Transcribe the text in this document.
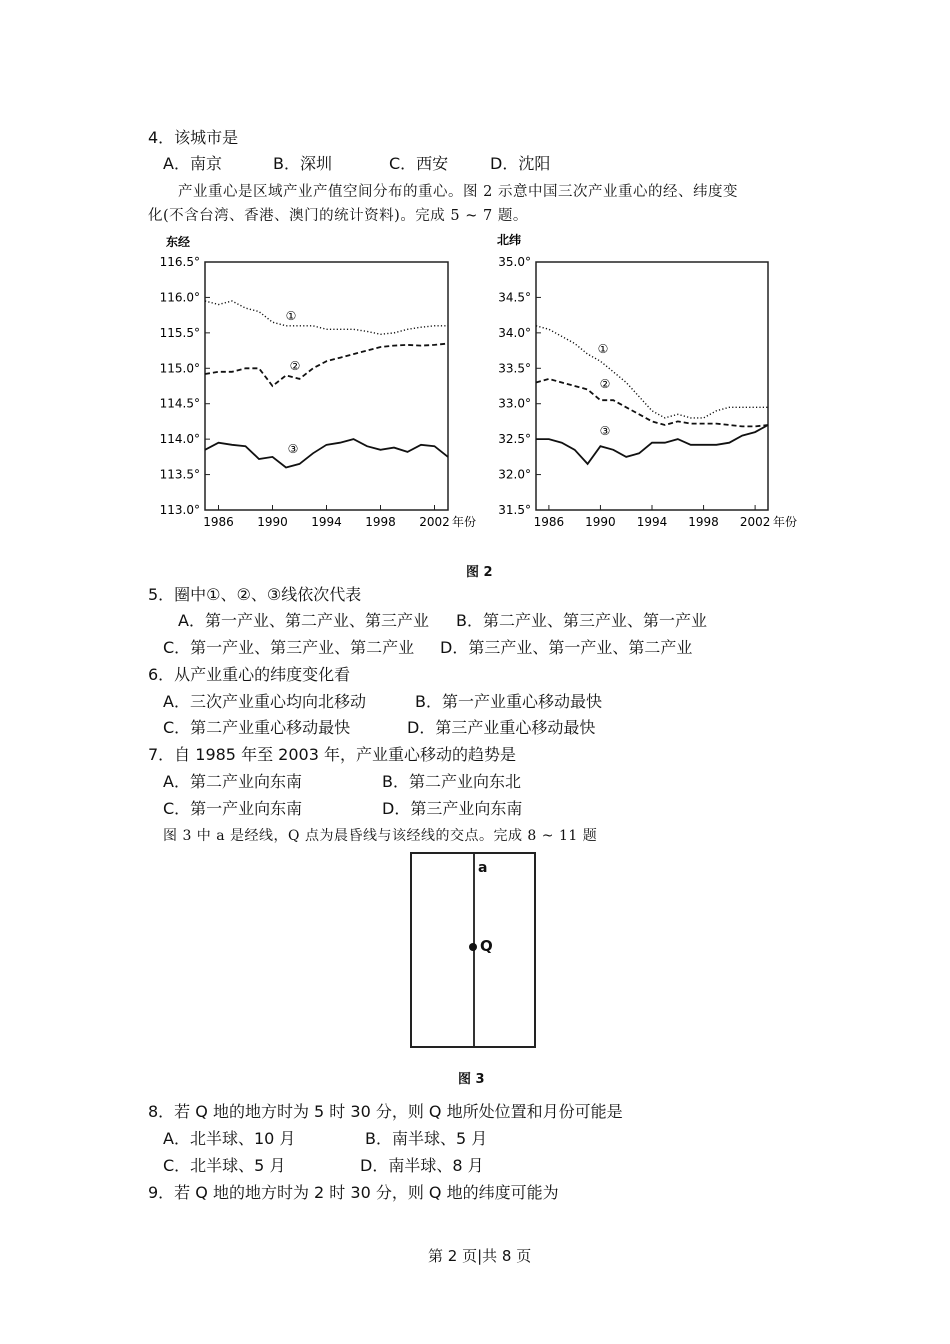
4．该城市是
A．南京	B．深圳	C．西安	D．沈阳
产业重心是区域产业产值空间分布的重心。图 2 示意中国三次产业重心的经、纬度变
化(不含台湾、香港、澳门的统计资料)。完成 5 ~ 7 题。
东经
116.5°
116.0°
115.5°
115.0°
114.5°
114.0°
113.5°
113.0°
1986 1990 1994 1998 2002 年份
①
②
③
北纬
35.0°
34.5°
34.0°
33.5°
33.0°
32.5°
32.0°
31.5°
1986 1990 1994 1998 2002 年份
①
②
③
图 2
5．圈中①、②、③线依次代表
A．第一产业、第二产业、第三产业 B．第二产业、第三产业、第一产业
C．第一产业、第三产业、第二产业 D．第三产业、第一产业、第二产业
6．从产业重心的纬度变化看
A．三次产业重心均向北移动	B．第一产业重心移动最快
C．第二产业重心移动最快	D．第三产业重心移动最快
7．自 1985 年至 2003 年，产业重心移动的趋势是
A．第二产业向东南	B．第二产业向东北
C．第一产业向东南	D．第三产业向东南
图 3 中 a 是经线，Q 点为晨昏线与该经线的交点。完成 8 ~ 11 题
a
Q
图 3
8．若 Q 地的地方时为 5 时 30 分，则 Q 地所处位置和月份可能是
A．北半球、10 月	B．南半球、5 月
C．北半球、5 月	D．南半球、8 月
9．若 Q 地的地方时为 2 时 30 分，则 Q 地的纬度可能为
第 2 页|共 8 页
